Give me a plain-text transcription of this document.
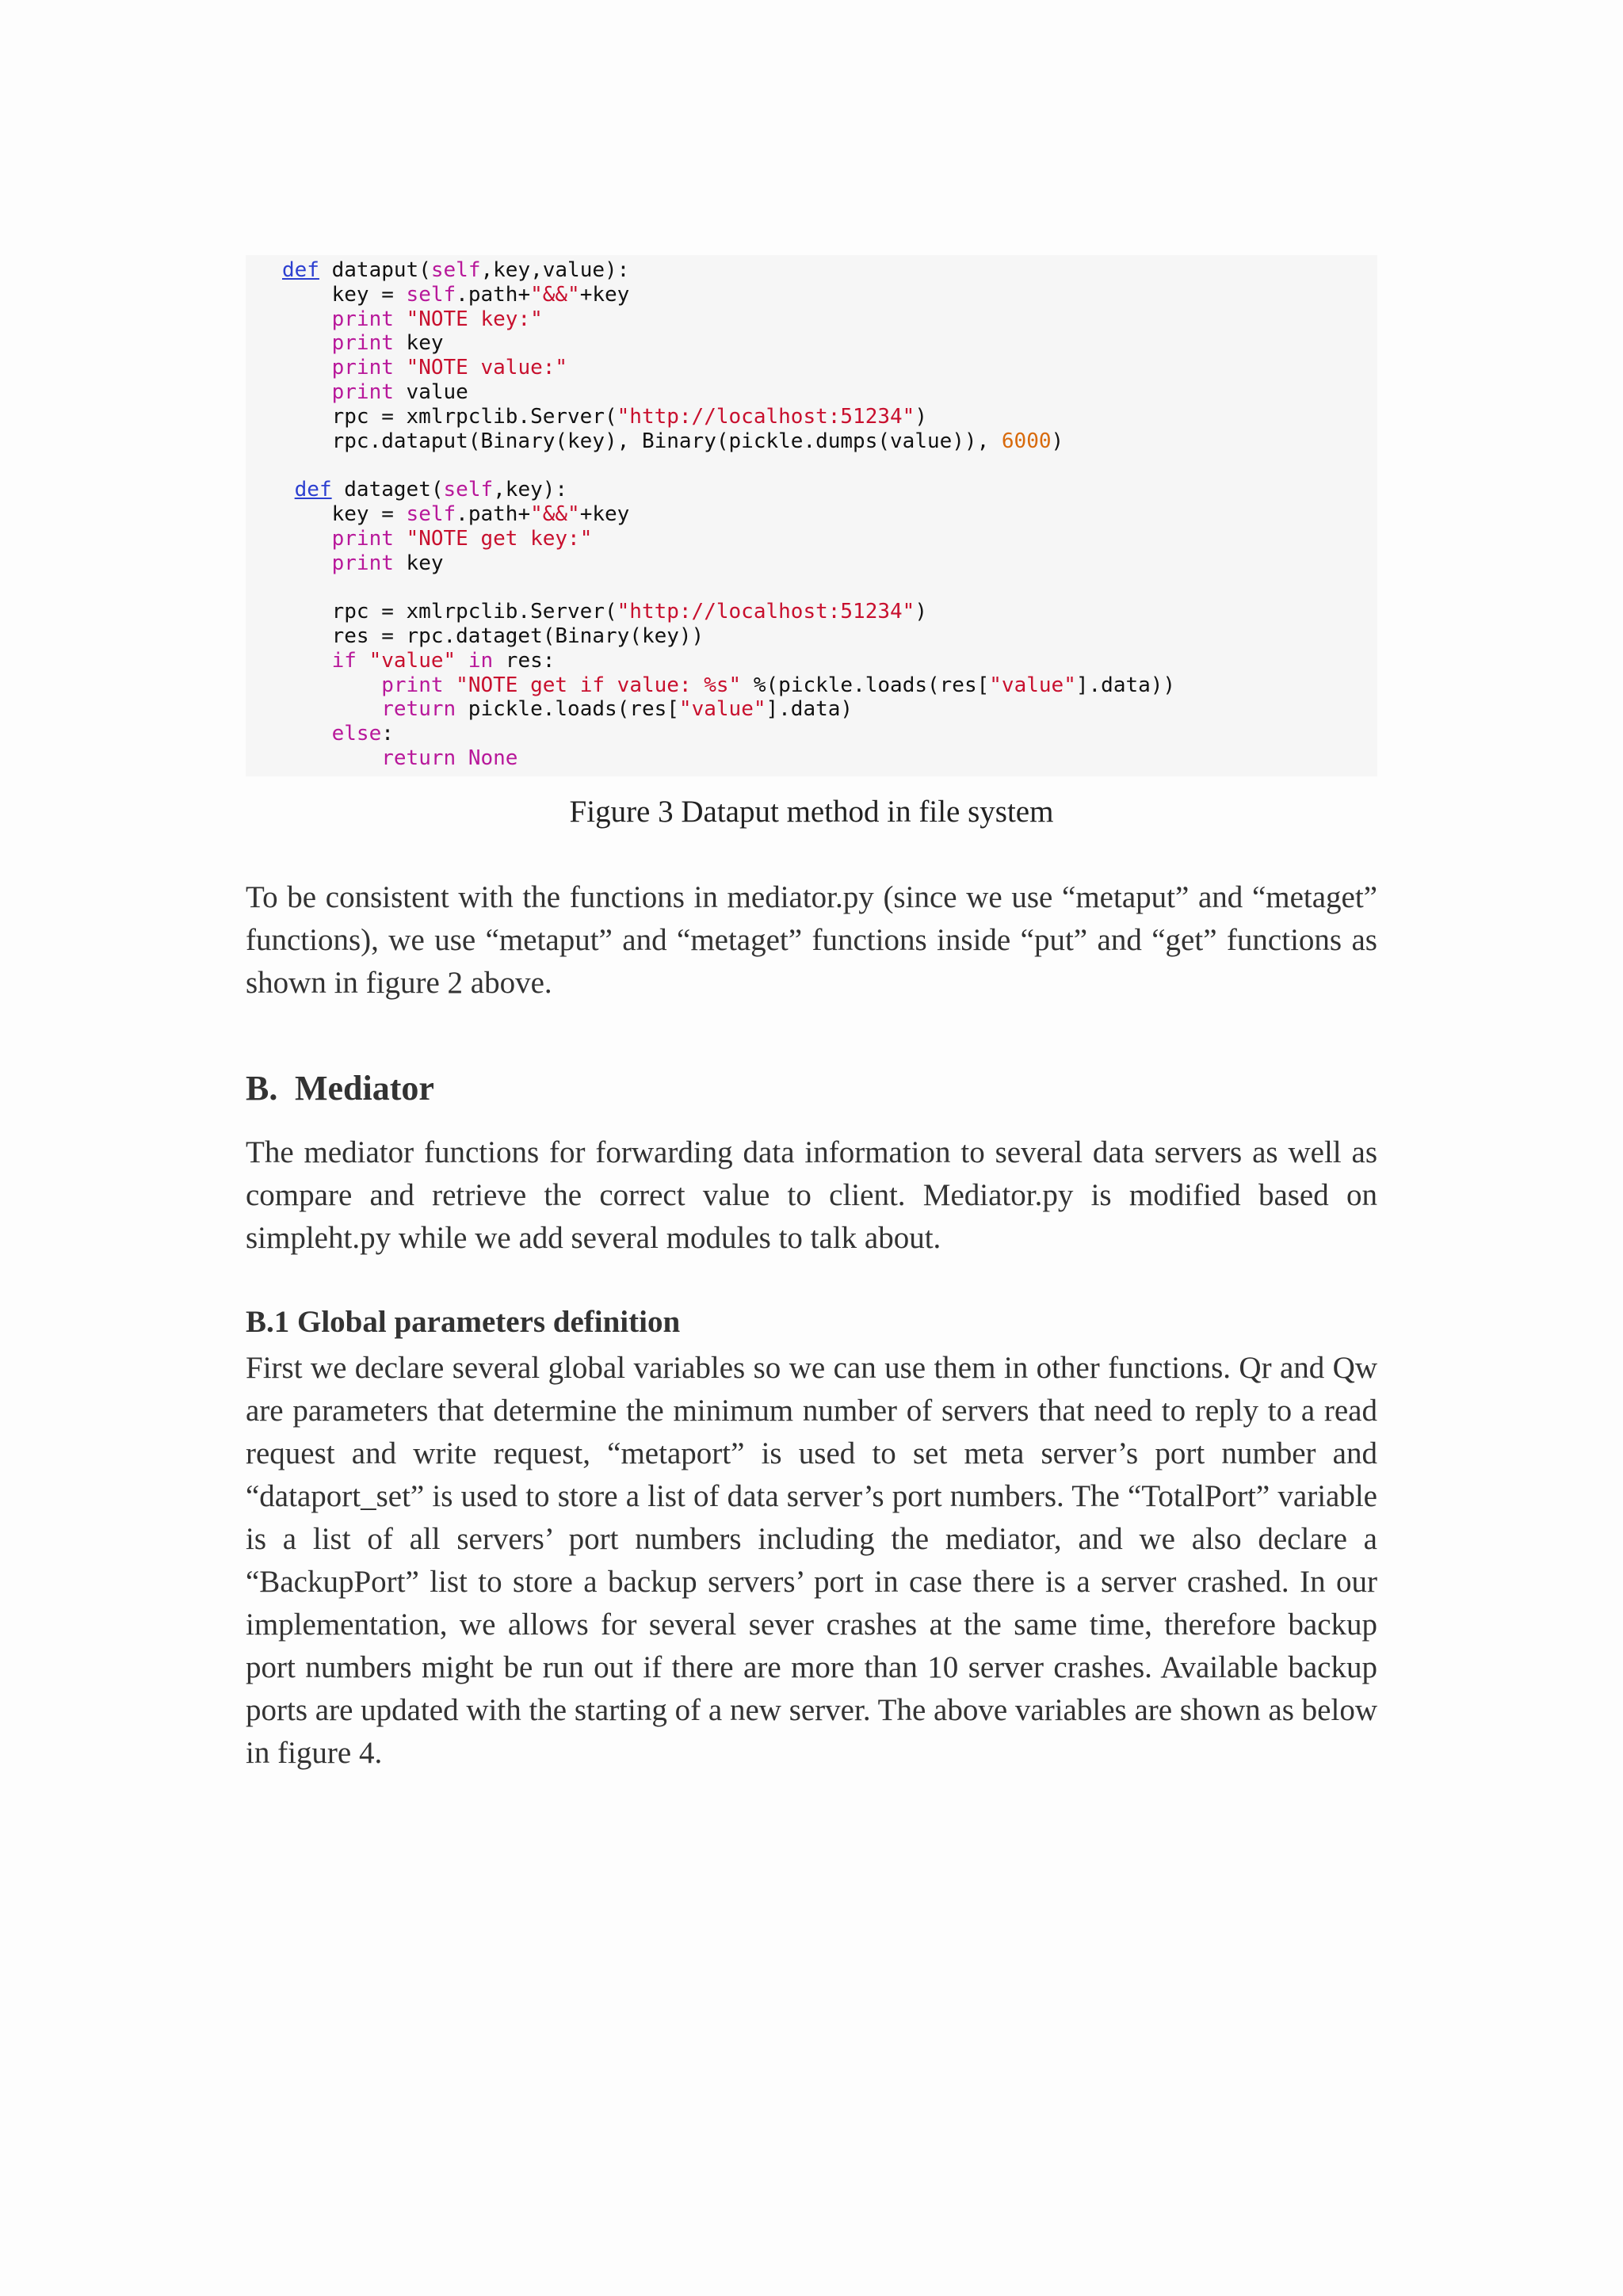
def dataput(self,key,value):
key = self.path+"&&"+key
print "NOTE key:"
print key
print "NOTE value:"
print value
rpc = xmlrpclib.Server("http://localhost:51234")
rpc.dataput(Binary(key), Binary(pickle.dumps(value)), 6000)

def dataget(self,key):
key = self.path+"&&"+key
print "NOTE get key:"
print key

rpc = xmlrpclib.Server("http://localhost:51234")
res = rpc.dataget(Binary(key))
if "value" in res:
print "NOTE get if value: %s" %(pickle.loads(res["value"].data))
return pickle.loads(res["value"].data)
else:
return None
Figure 3 Dataput method in file system

To be consistent with the functions in mediator.py (since we use “metaput” and “metaget” functions), we use “metaput” and “metaget” functions inside “put” and “get” functions as shown in figure 2 above.

B. Mediator

The mediator functions for forwarding data information to several data servers as well as compare and retrieve the correct value to client. Mediator.py is modified based on simpleht.py while we add several modules to talk about.

B.1 Global parameters definition

First we declare several global variables so we can use them in other functions. Qr and Qw are parameters that determine the minimum number of servers that need to reply to a read request and write request, “metaport” is used to set meta server’s port number and “dataport_set” is used to store a list of data server’s port numbers. The “TotalPort” variable is a list of all servers’ port numbers including the mediator, and we also declare a “BackupPort” list to store a backup servers’ port in case there is a server crashed. In our implementation, we allows for several sever crashes at the same time, therefore backup port numbers might be run out if there are more than 10 server crashes. Available backup ports are updated with the starting of a new server. The above variables are shown as below in figure 4.
